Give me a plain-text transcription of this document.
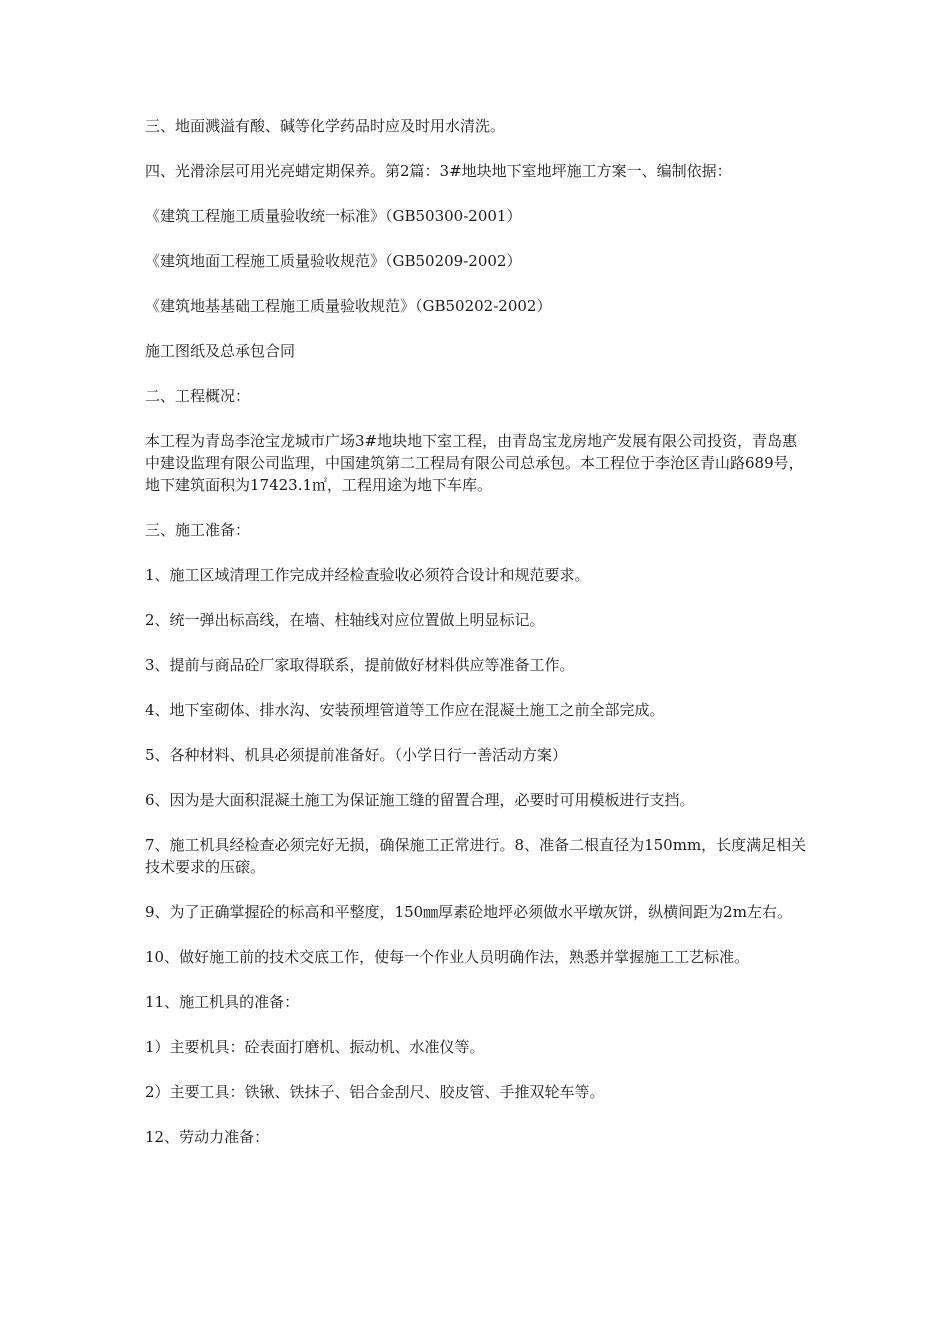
三、地面溅溢有酸、碱等化学药品时应及时用水清洗。

四、光滑涂层可用光亮蜡定期保养。第2篇：3#地块地下室地坪施工方案一、编制依据：

《建筑工程施工质量验收统一标准》（GB50300-2001）

《建筑地面工程施工质量验收规范》（GB50209-2002）

《建筑地基基础工程施工质量验收规范》（GB50202-2002）

施工图纸及总承包合同

二、工程概况：

本工程为青岛李沧宝龙城市广场3#地块地下室工程，由青岛宝龙房地产发展有限公司投资，青岛惠中建设监理有限公司监理，中国建筑第二工程局有限公司总承包。本工程位于李沧区青山路689号，地下建筑面积为17423.1㎡，工程用途为地下车库。

三、施工准备：

1、施工区域清理工作完成并经检查验收必须符合设计和规范要求。

2、统一弹出标高线，在墙、柱轴线对应位置做上明显标记。

3、提前与商品砼厂家取得联系，提前做好材料供应等准备工作。

4、地下室砌体、排水沟、安装预埋管道等工作应在混凝土施工之前全部完成。

5、各种材料、机具必须提前准备好。（小学日行一善活动方案）

6、因为是大面积混凝土施工为保证施工缝的留置合理，必要时可用模板进行支挡。

7、施工机具经检查必须完好无损，确保施工正常进行。8、准备二根直径为150mm，长度满足相关技术要求的压磙。

9、为了正确掌握砼的标高和平整度，150㎜厚素砼地坪必须做水平墩灰饼，纵横间距为2m左右。

10、做好施工前的技术交底工作，使每一个作业人员明确作法，熟悉并掌握施工工艺标准。

11、施工机具的准备：

1）主要机具：砼表面打磨机、振动机、水准仪等。

2）主要工具：铁锹、铁抹子、铝合金刮尺、胶皮管、手推双轮车等。

12、劳动力准备：
